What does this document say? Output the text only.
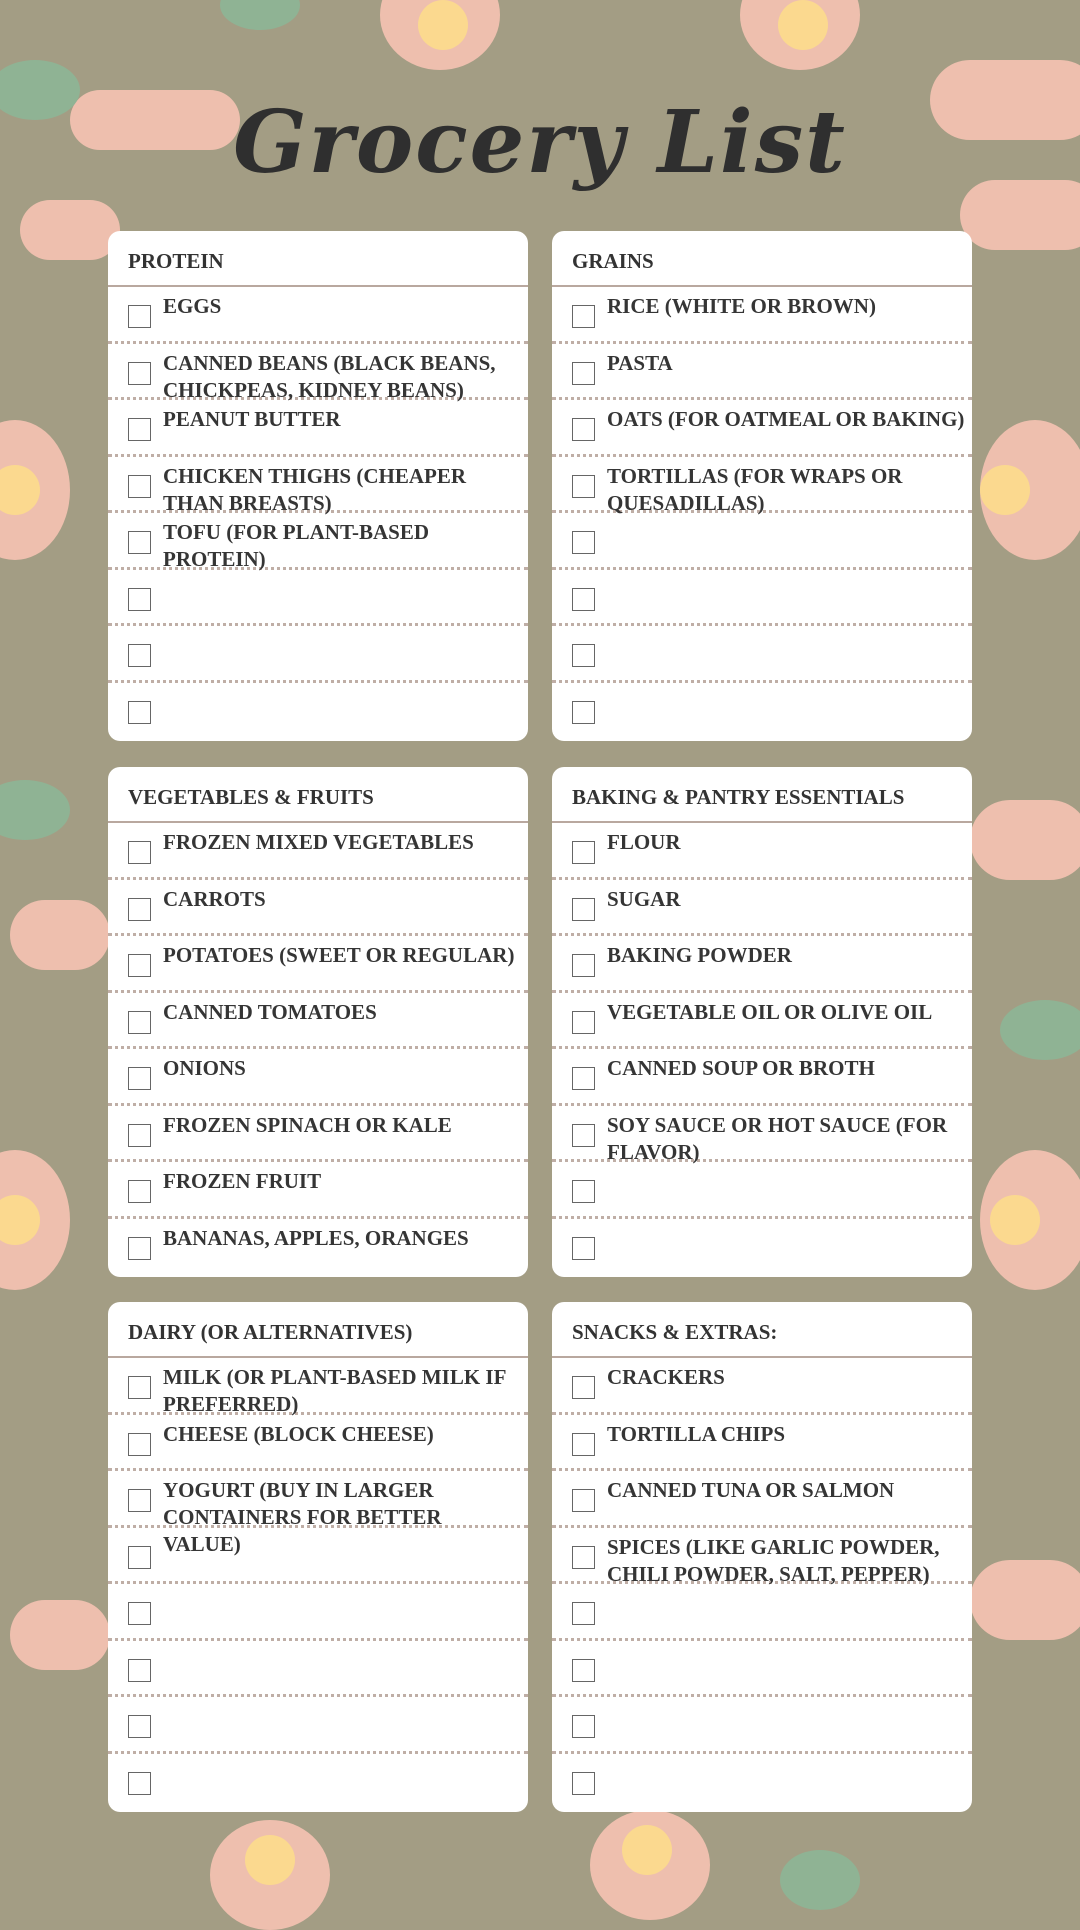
Grocery List
PROTEIN
EGGS
CANNED BEANS (BLACK BEANS, CHICKPEAS, KIDNEY BEANS)
PEANUT BUTTER
CHICKEN THIGHS (CHEAPER THAN BREASTS)
TOFU (FOR PLANT-BASED PROTEIN)
GRAINS
RICE (WHITE OR BROWN)
PASTA
OATS (FOR OATMEAL OR BAKING)
TORTILLAS (FOR WRAPS OR QUESADILLAS)
VEGETABLES & FRUITS
FROZEN MIXED VEGETABLES
CARROTS
POTATOES (SWEET OR REGULAR)
CANNED TOMATOES
ONIONS
FROZEN SPINACH OR KALE
FROZEN FRUIT
BANANAS, APPLES, ORANGES
BAKING & PANTRY ESSENTIALS
FLOUR
SUGAR
BAKING POWDER
VEGETABLE OIL OR OLIVE OIL
CANNED SOUP OR BROTH
SOY SAUCE OR HOT SAUCE (FOR FLAVOR)
DAIRY (OR ALTERNATIVES)
MILK (OR PLANT-BASED MILK IF PREFERRED)
CHEESE (BLOCK CHEESE)
YOGURT (BUY IN LARGER CONTAINERS FOR BETTER VALUE)
SNACKS & EXTRAS:
CRACKERS
TORTILLA CHIPS
CANNED TUNA OR SALMON
SPICES (LIKE GARLIC POWDER, CHILI POWDER, SALT, PEPPER)
